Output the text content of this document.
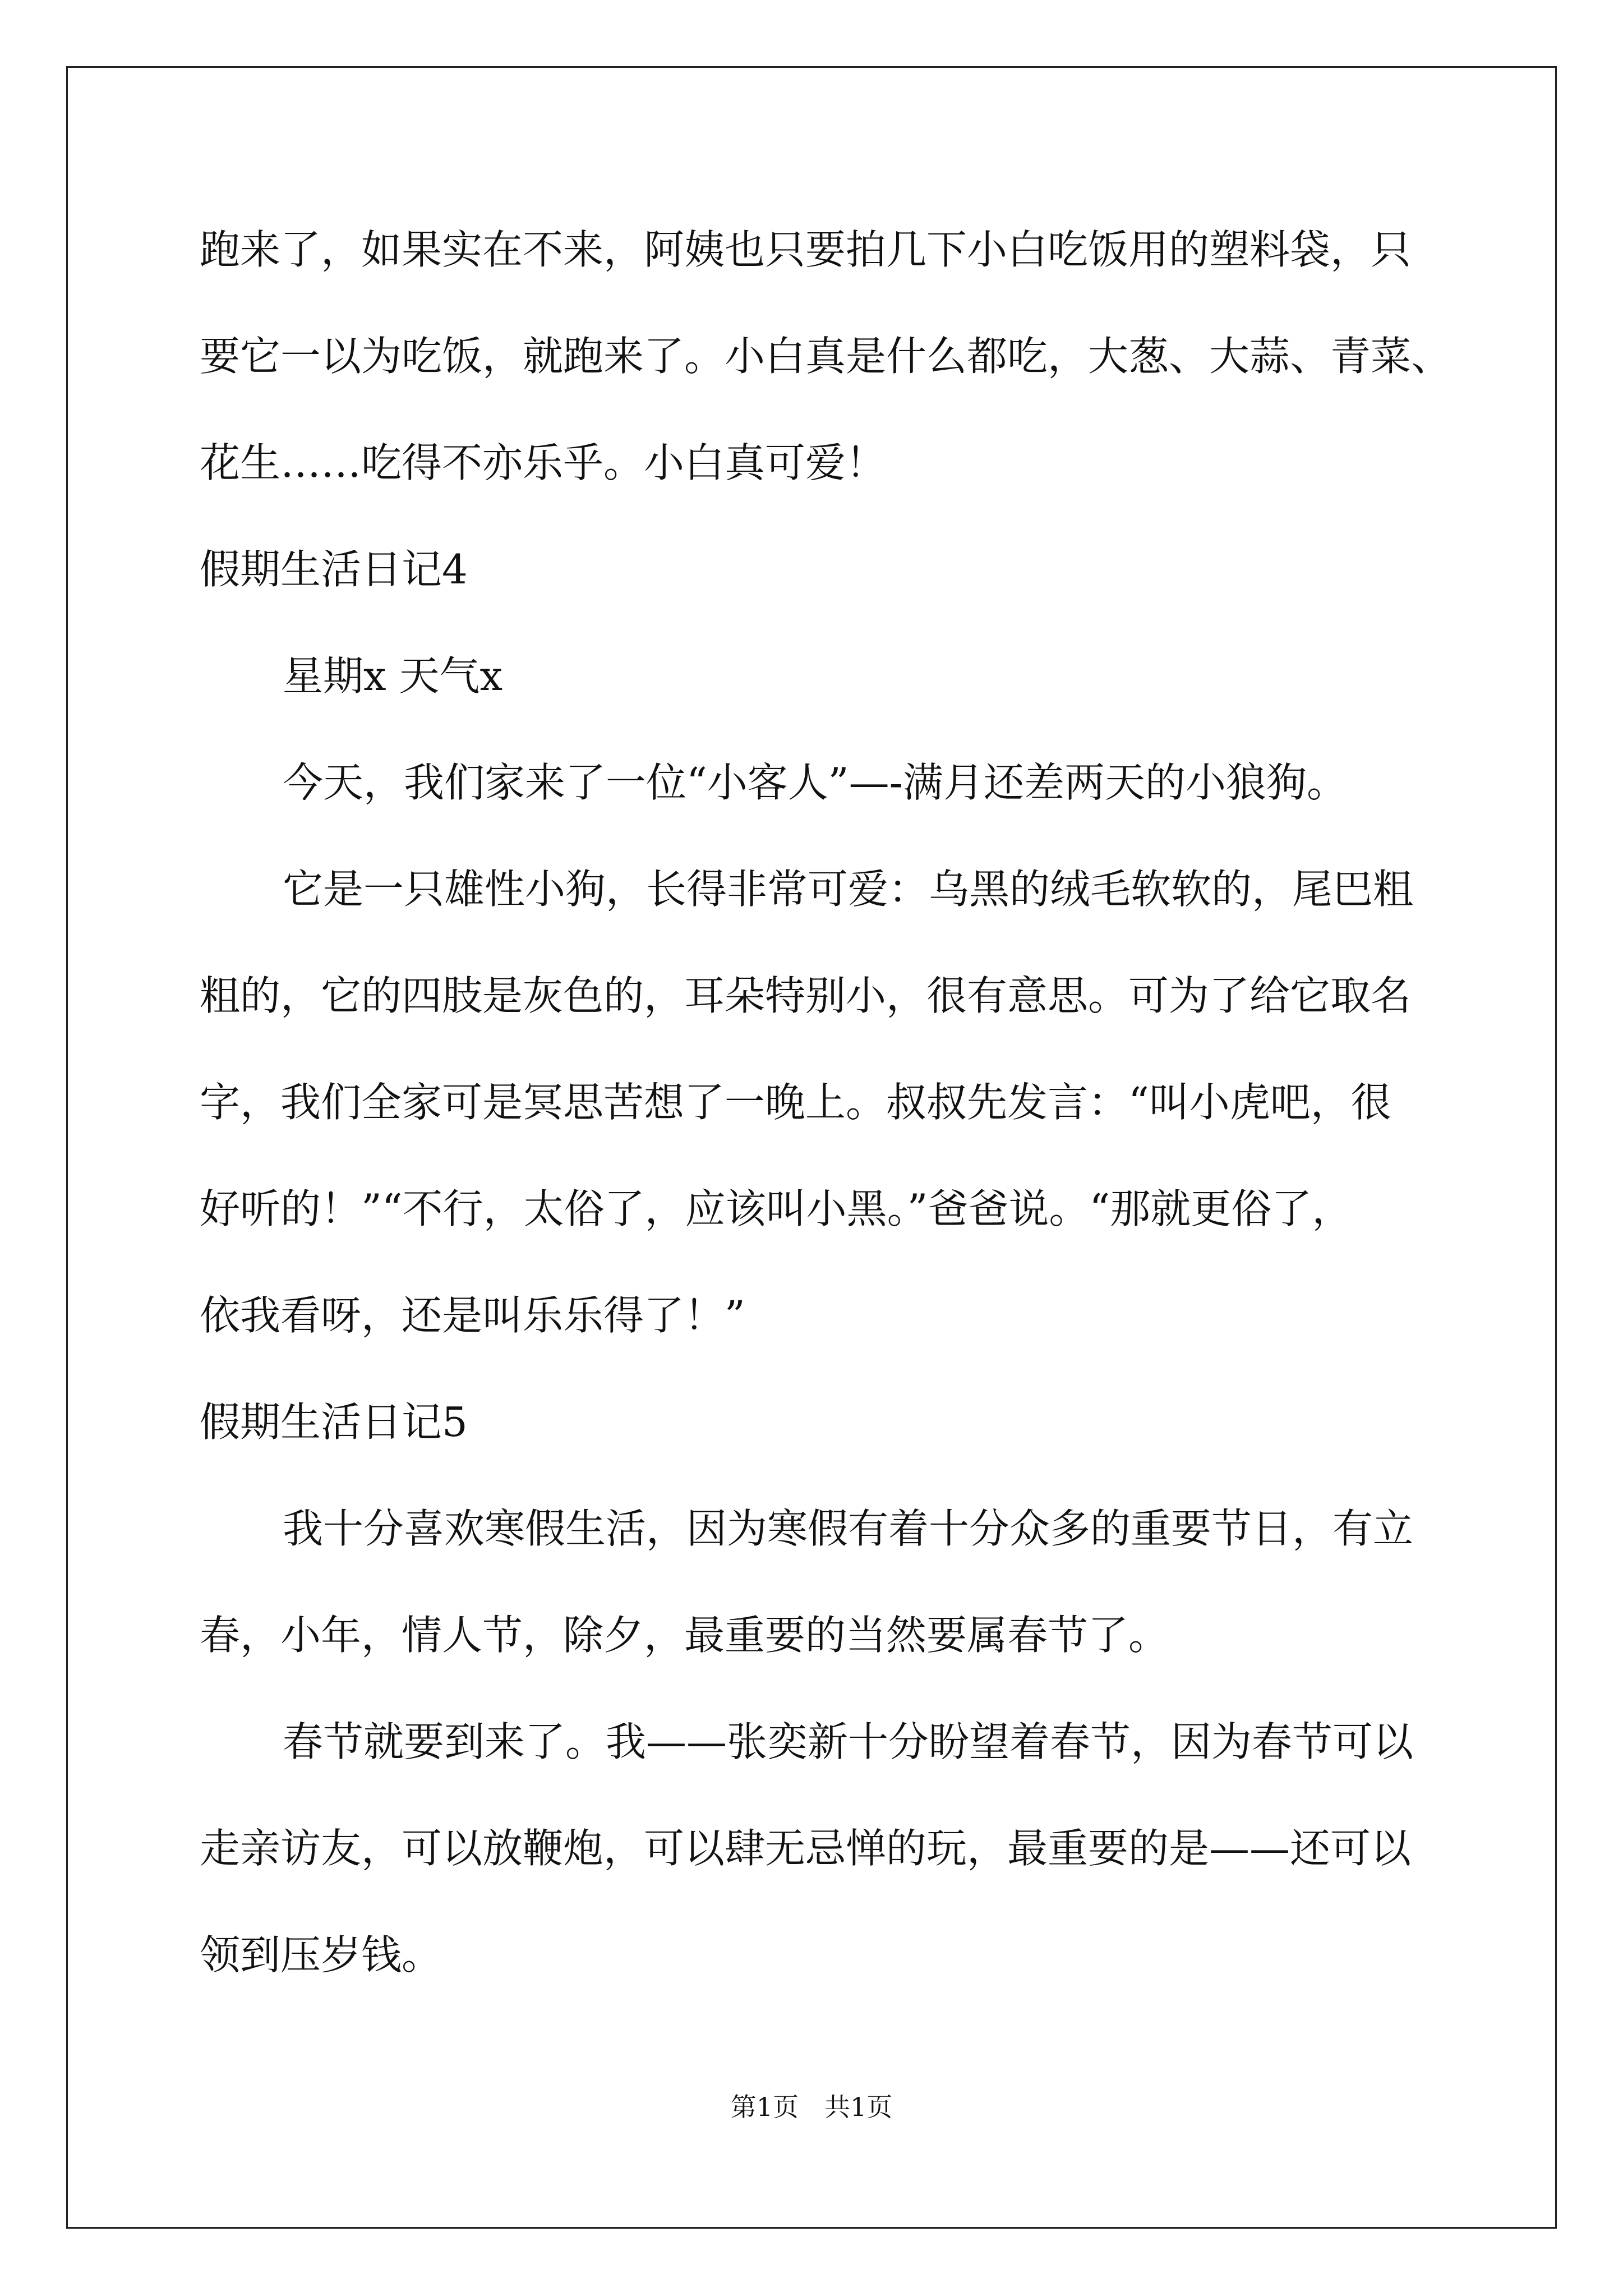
跑来了，如果实在不来，阿姨也只要拍几下小白吃饭用的塑料袋，只
要它一以为吃饭，就跑来了。小白真是什么都吃，大葱、大蒜、青菜、
花生……吃得不亦乐乎。小白真可爱！
假期生活日记4
星期x 天气x
今天，我们家来了一位“小客人”—-满月还差两天的小狼狗。
它是一只雄性小狗，长得非常可爱：乌黑的绒毛软软的，尾巴粗
粗的，它的四肢是灰色的，耳朵特别小，很有意思。可为了给它取名
字，我们全家可是冥思苦想了一晚上。叔叔先发言：“叫小虎吧，很
好听的！”“不行，太俗了，应该叫小黑。”爸爸说。“那就更俗了，
依我看呀，还是叫乐乐得了！”
假期生活日记5
我十分喜欢寒假生活，因为寒假有着十分众多的重要节日，有立
春，小年，情人节，除夕，最重要的当然要属春节了。
春节就要到来了。我——张奕新十分盼望着春节，因为春节可以
走亲访友，可以放鞭炮，可以肆无忌惮的玩，最重要的是——还可以
领到压岁钱。
第1页　共1页
